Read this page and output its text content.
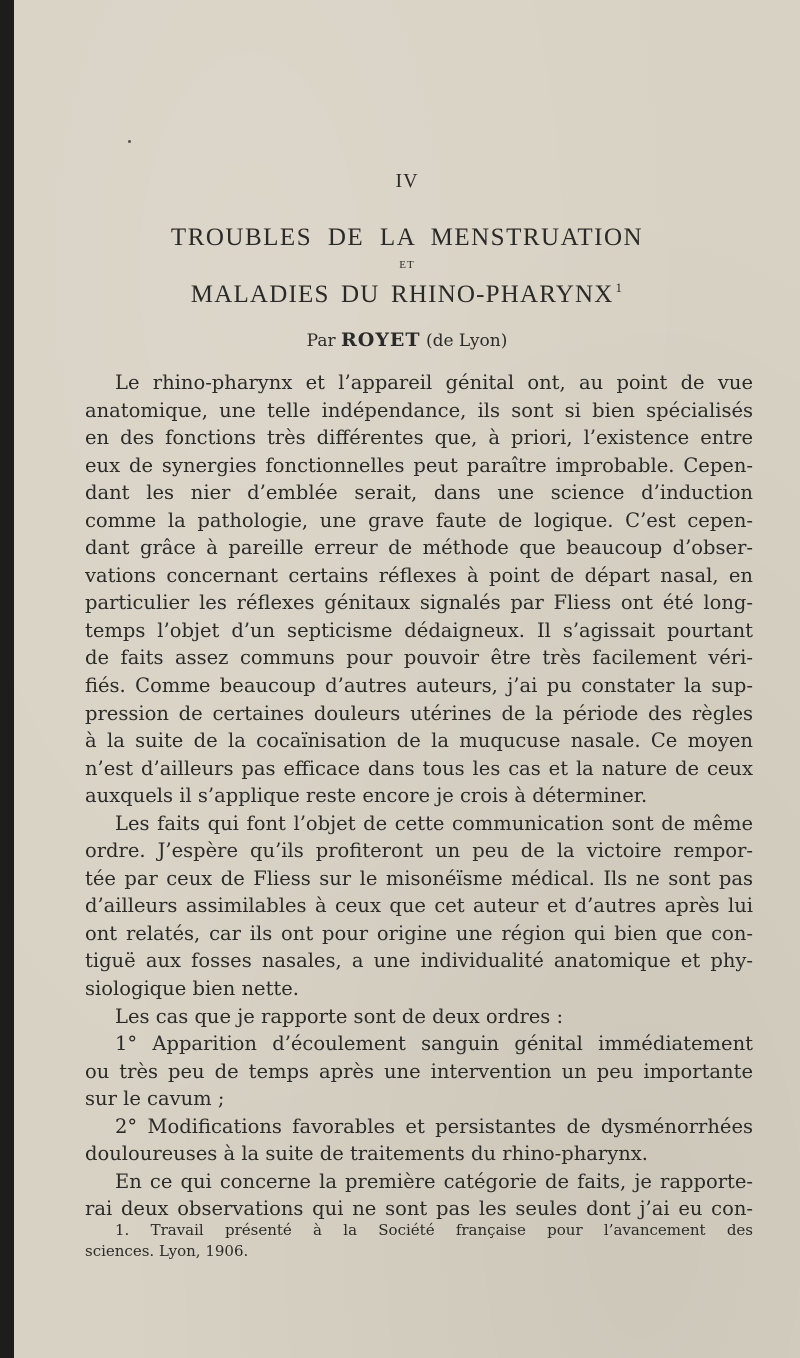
IV
TROUBLES DE LA MENSTRUATION
ET
MALADIES DU RHINO-PHARYNX $^1$
Par ROYET (de Lyon)
Le rhino-pharynx et l’appareil génital ont, au point de vue
anatomique, une telle indépendance, ils sont si bien spécialisés
en des fonctions très différentes que, à priori, l’existence entre
eux de synergies fonctionnelles peut paraître improbable. Cepen-
dant les nier d’emblée serait, dans une science d’induction
comme la pathologie, une grave faute de logique. C’est cepen-
dant grâce à pareille erreur de méthode que beaucoup d’obser-
vations concernant certains réflexes à point de départ nasal, en
particulier les réflexes génitaux signalés par Fliess ont été long-
temps l’objet d’un septicisme dédaigneux. Il s’agissait pourtant
de faits assez communs pour pouvoir être très facilement véri-
fiés. Comme beaucoup d’autres auteurs, j’ai pu constater la sup-
pression de certaines douleurs utérines de la période des règles
à la suite de la cocaïnisation de la muqucuse nasale. Ce moyen
n’est d’ailleurs pas efficace dans tous les cas et la nature de ceux
auxquels il s’applique reste encore je crois à déterminer.
Les faits qui font l’objet de cette communication sont de même
ordre. J’espère qu’ils profiteront un peu de la victoire rempor-
tée par ceux de Fliess sur le misonéïsme médical. Ils ne sont pas
d’ailleurs assimilables à ceux que cet auteur et d’autres après lui
ont relatés, car ils ont pour origine une région qui bien que con-
tiguë aux fosses nasales, a une individualité anatomique et phy-
siologique bien nette.
Les cas que je rapporte sont de deux ordres :
1° Apparition d’écoulement sanguin génital immédiatement
ou très peu de temps après une intervention un peu importante
sur le cavum ;
2° Modifications favorables et persistantes de dysménorrhées
douloureuses à la suite de traitements du rhino-pharynx.
En ce qui concerne la première catégorie de faits, je rapporte-
rai deux observations qui ne sont pas les seules dont j’ai eu con-
1. Travail présenté à la Société française pour l’avancement des
sciences. Lyon, 1906.
